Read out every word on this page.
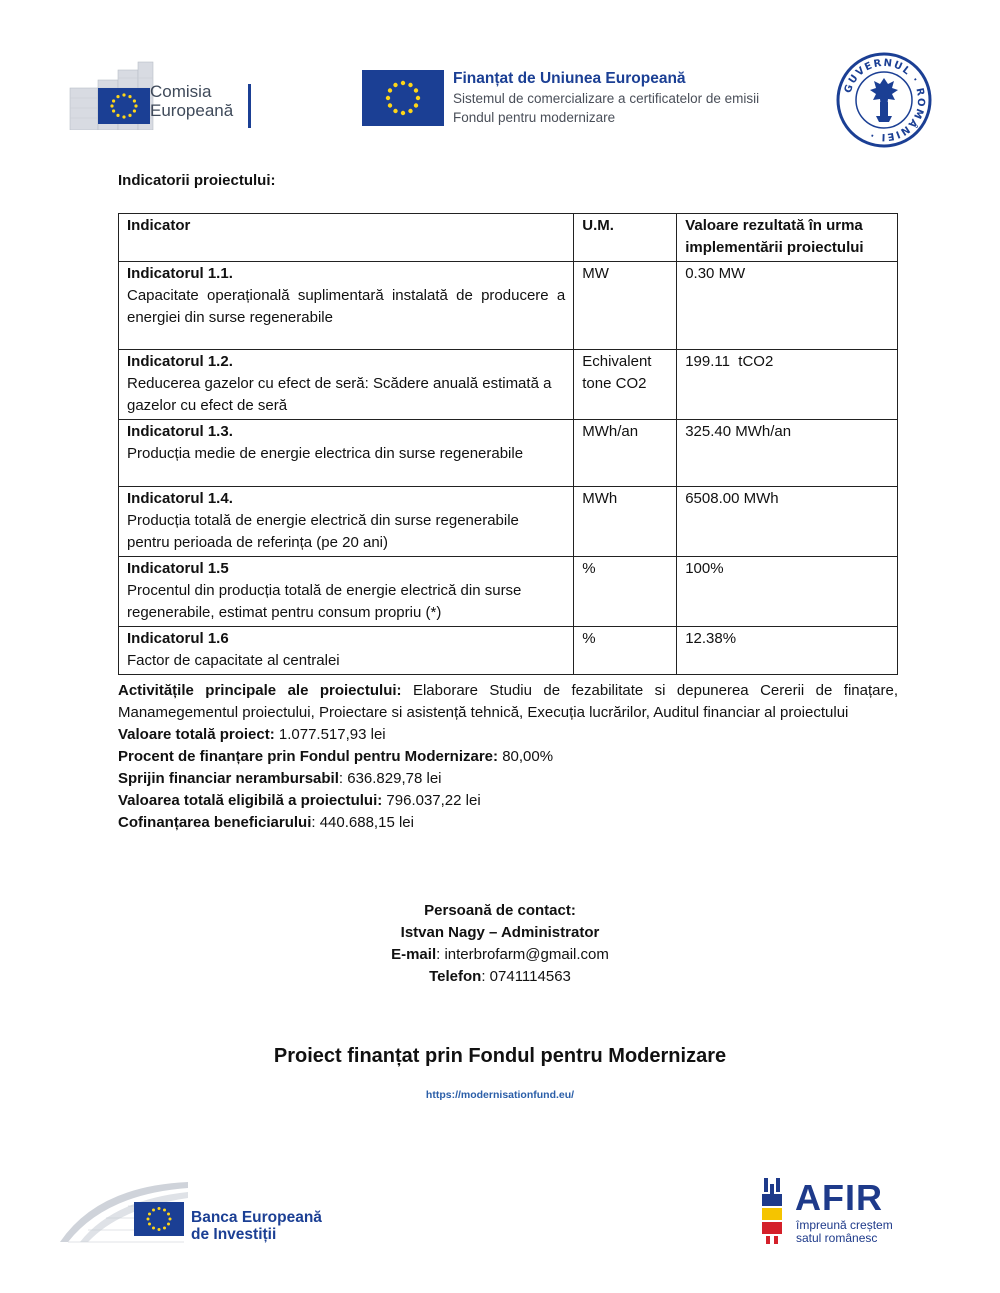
Comisia
Europeană
Finanțat de Uniunea Europeană
Sistemul de comercializare a certificatelor de emisii
Fondul pentru modernizare
GUVERNUL · ROMÂNIEI ·
Indicatorii proiectului:
Indicator	U.M.	Valoare rezultată în urma implementării proiectului

Indicatorul 1.1.
Capacitate operațională suplimentară instalată de producere a energiei din surse regenerabile	MW	0.30 MW

Indicatorul 1.2.
Reducerea gazelor cu efect de seră: Scădere anuală estimată a gazelor cu efect de seră	Echivalent tone CO2	199.11  tCO2

Indicatorul 1.3.
Producția medie de energie electrica din surse regenerabile	MWh/an	325.40 MWh/an

Indicatorul 1.4.
Producția totală de energie electrică din surse regenerabile pentru perioada de referința (pe 20 ani)	MWh	6508.00 MWh

Indicatorul 1.5
Procentul din producția totală de energie electrică din surse regenerabile, estimat pentru consum propriu (*)	%	100%

Indicatorul 1.6
Factor de capacitate al centralei	%	12.38%
Activitățile principale ale proiectului: Elaborare Studiu de fezabilitate si depunerea Cererii de finațare, Manamegementul proiectului, Proiectare si asistență tehnică, Execuția lucrărilor, Auditul financiar al proiectului
Valoare totală proiect: 1.077.517,93 lei
Procent de finanțare prin Fondul pentru Modernizare: 80,00%
Sprijin financiar nerambursabil: 636.829,78 lei
Valoarea totală eligibilă a proiectului: 796.037,22 lei
Cofinanțarea beneficiarului: 440.688,15 lei
Persoană de contact:
Istvan Nagy – Administrator
E-mail: interbrofarm@gmail.com
Telefon: 0741114563
Proiect finanțat prin Fondul pentru Modernizare
https://modernisationfund.eu/
Banca Europeană
de Investiții
AFIR
împreună creștem
satul românesc
